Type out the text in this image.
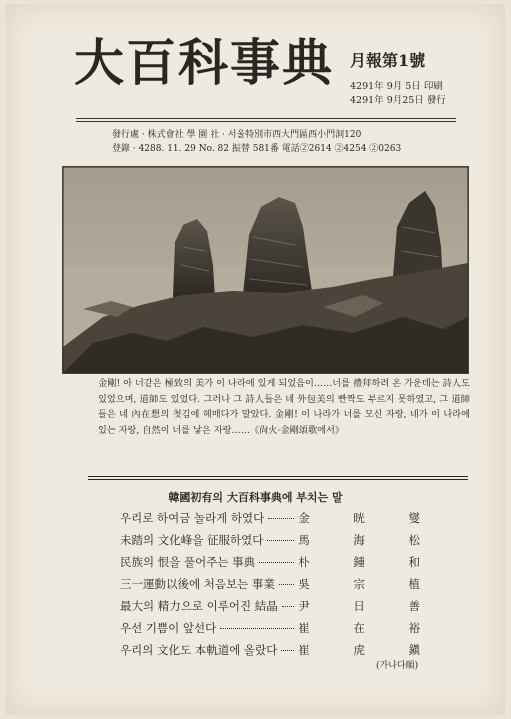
大百科事典 月報第1號
4291年 9月 5日 印刷
4291年 9月25日 發行
發行處 · 株式會社 學 園 社 · 서울特別市西大門區西小門洞120
登錄 · 4288. 11. 29 No. 82 振替 581番 電話②2614 ②4254 ②0263
金剛! 아 너같은 極致의 美가 이 나라에 있게 되었음이……너를 禮拜하려 온 가운데는 詩人도 있었으며, 道師도 있었다. 그러나 그 詩人들은 네 外包美의 빤짝도 부르지 못하였고, 그 道師들은 네 內在想의 첫김에 헤매다가 말았다. 金剛! 이 나라가 너를 모신 자랑, 네가 이 나라에 있는 자랑, 自然이 너를 낳은 자랑……《尙火·金剛頌歌에서》
韓國初有의 大百科事典에 부치는 말
우리로 하여금 놀라게 하였다	金 晄 燮
未踏의 文化峰을 征服하였다	馬 海 松
民族의 恨을 풀어주는 事典	朴 鍾 和
三一運動以後에 처음보는 事業 吳 宗 植
最大의 精力으로 이루어진 結晶 尹 日 善
우선 기쁨이 앞선다	崔 在 裕
우리의 文化도 本軌道에 올랐다 崔 虎 鎭
(가나다順)
